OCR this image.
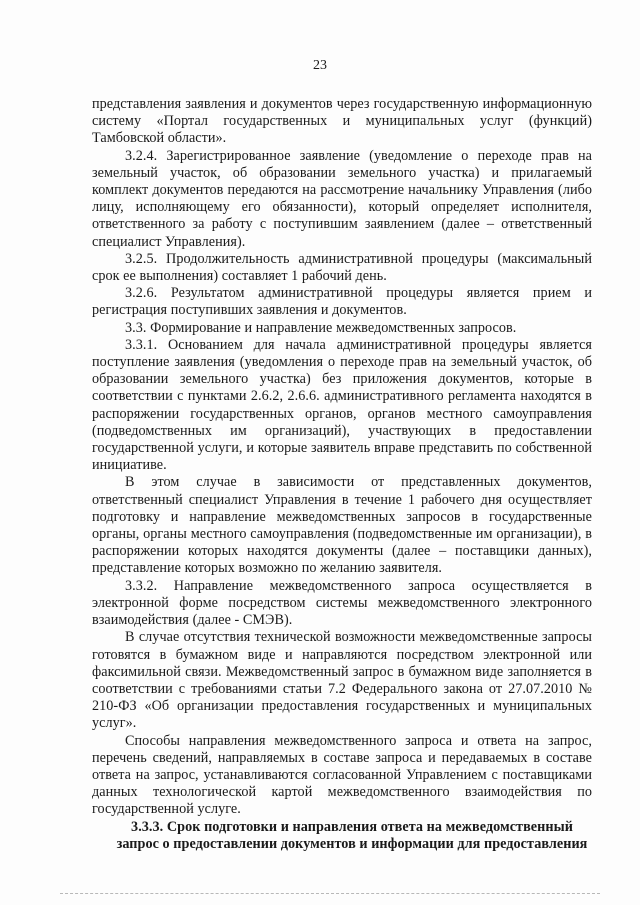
23

представления заявления и документов через государственную информационную систему «Портал государственных и муниципальных услуг (функций) Тамбовской области».

3.2.4. Зарегистрированное заявление (уведомление о переходе прав на земельный участок, об образовании земельного участка) и прилагаемый комплект документов передаются на рассмотрение начальнику Управления (либо лицу, исполняющему его обязанности), который определяет исполнителя, ответственного за работу с поступившим заявлением (далее – ответственный специалист Управления).

3.2.5. Продолжительность административной процедуры (максимальный срок ее выполнения) составляет 1 рабочий день.

3.2.6. Результатом административной процедуры является прием и регистрация поступивших заявления и документов.

3.3. Формирование и направление межведомственных запросов.

3.3.1. Основанием для начала административной процедуры является поступление заявления (уведомления о переходе прав на земельный участок, об образовании земельного участка) без приложения документов, которые в соответствии с пунктами 2.6.2, 2.6.6. административного регламента находятся в распоряжении государственных органов, органов местного самоуправления (подведомственных им организаций), участвующих в предоставлении государственной услуги, и которые заявитель вправе представить по собственной инициативе.

В этом случае в зависимости от представленных документов, ответственный специалист Управления в течение 1 рабочего дня осуществляет подготовку и направление межведомственных запросов в государственные органы, органы местного самоуправления (подведомственные им организации), в распоряжении которых находятся документы (далее – поставщики данных), представление которых возможно по желанию заявителя.

3.3.2. Направление межведомственного запроса осуществляется в электронной форме посредством системы межведомственного электронного взаимодействия (далее - СМЭВ).

В случае отсутствия технической возможности межведомственные запросы готовятся в бумажном виде и направляются посредством электронной или факсимильной связи. Межведомственный запрос в бумажном виде заполняется в соответствии с требованиями статьи 7.2 Федерального закона от 27.07.2010 № 210-ФЗ «Об организации предоставления государственных и муниципальных услуг».

Способы направления межведомственного запроса и ответа на запрос, перечень сведений, направляемых в составе запроса и передаваемых в составе ответа на запрос, устанавливаются согласованной Управлением с поставщиками данных технологической картой межведомственного взаимодействия по государственной услуге.

3.3.3. Срок подготовки и направления ответа на межведомственный запрос о предоставлении документов и информации для предоставления
